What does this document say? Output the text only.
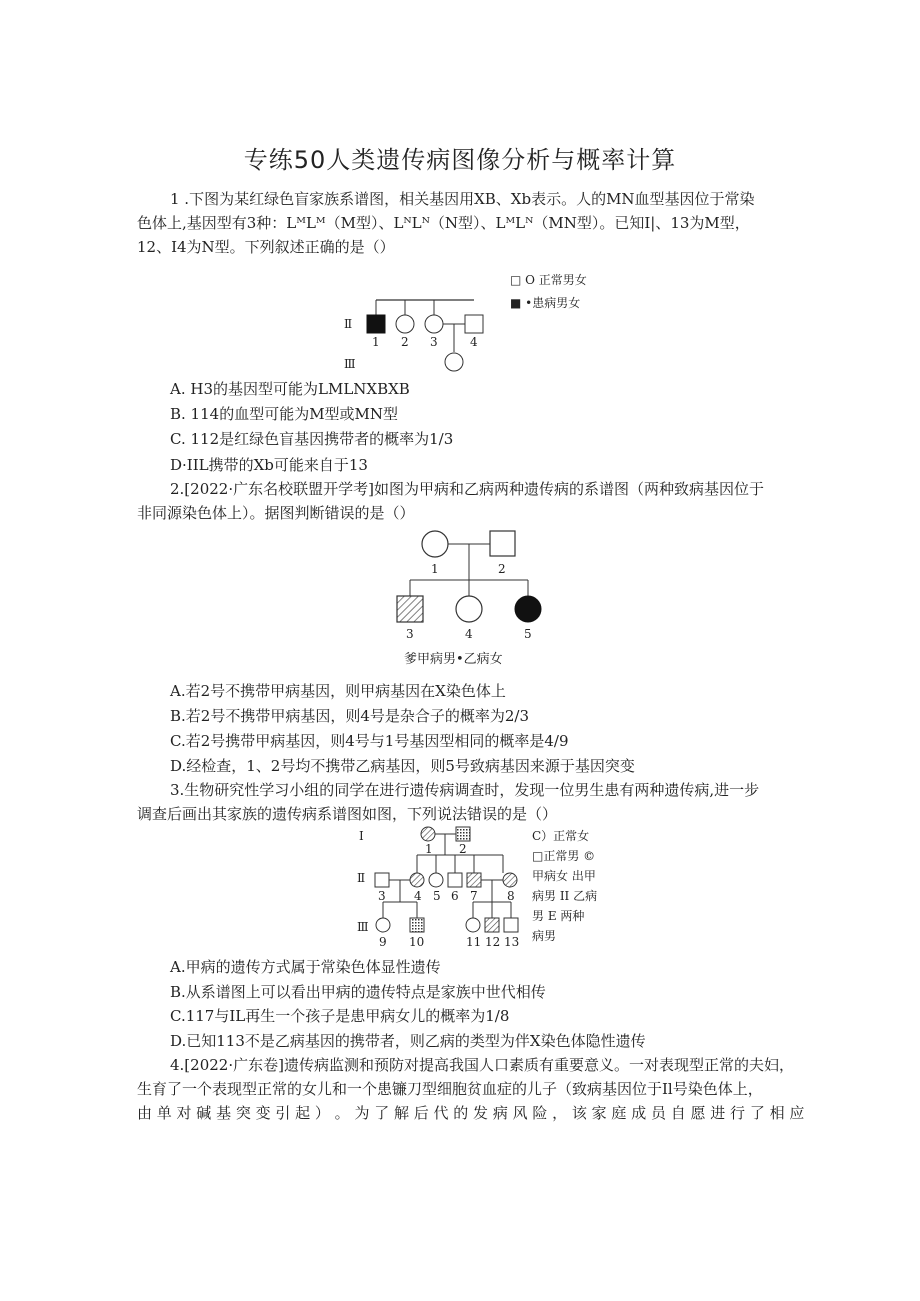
专练50人类遗传病图像分析与概率计算
1 .下图为某红绿色盲家族系谱图，相关基因用XB、Xb表示。人的MN血型基因位于常染
色体上,基因型有3种：LᴹLᴹ（M型）、LᴺLᴺ（N型）、LᴹLᴺ（MN型）。已知I|、13为M型，
12、I4为N型。下列叙述正确的是（）
□ O 正常男女
■ •患病男女
Ⅱ
Ⅲ
1 2 3	4
A. H3的基因型可能为LMLNXBXB
B. 114的血型可能为M型或MN型
C. 112是红绿色盲基因携带者的概率为1/3
D·IIL携带的Xb可能来自于13
2.[2022·广东名校联盟开学考]如图为甲病和乙病两种遗传病的系谱图（两种致病基因位于
非同源染色体上）。据图判断错误的是（）
1	2
3	4	5
爹甲病男•乙病女
A.若2号不携带甲病基因，则甲病基因在X染色体上
B.若2号不携带甲病基因，则4号是杂合子的概率为2/3
C.若2号携带甲病基因，则4号与1号基因型相同的概率是4/9
D.经检查，1、2号均不携带乙病基因，则5号致病基因来源于基因突变
3.生物研究性学习小组的同学在进行遗传病调查时，发现一位男生患有两种遗传病,进一步
调查后画出其家族的遗传病系谱图如图，下列说法错误的是（）
I
Ⅱ
Ⅲ
1 2
3 4 5 6 7 8
9 10	11 12 13
C）正常女
□正常男 ©
甲病女 出甲
病男 II 乙病
男 E 两种
病男
A.甲病的遗传方式属于常染色体显性遗传
B.从系谱图上可以看出甲病的遗传特点是家族中世代相传
C.117与IL再生一个孩子是患甲病女儿的概率为1/8
D.已知113不是乙病基因的携带者，则乙病的类型为伴X染色体隐性遗传
4.[2022·广东卷]遗传病监测和预防对提高我国人口素质有重要意义。一对表现型正常的夫妇，
生育了一个表现型正常的女儿和一个患镰刀型细胞贫血症的儿子（致病基因位于Il号染色体上，
由 单 对 碱 基 突 变 引 起 ） 。 为 了 解 后 代 的 发 病 风 险 ， 该 家 庭 成 员 自 愿 进 行 了 相 应
